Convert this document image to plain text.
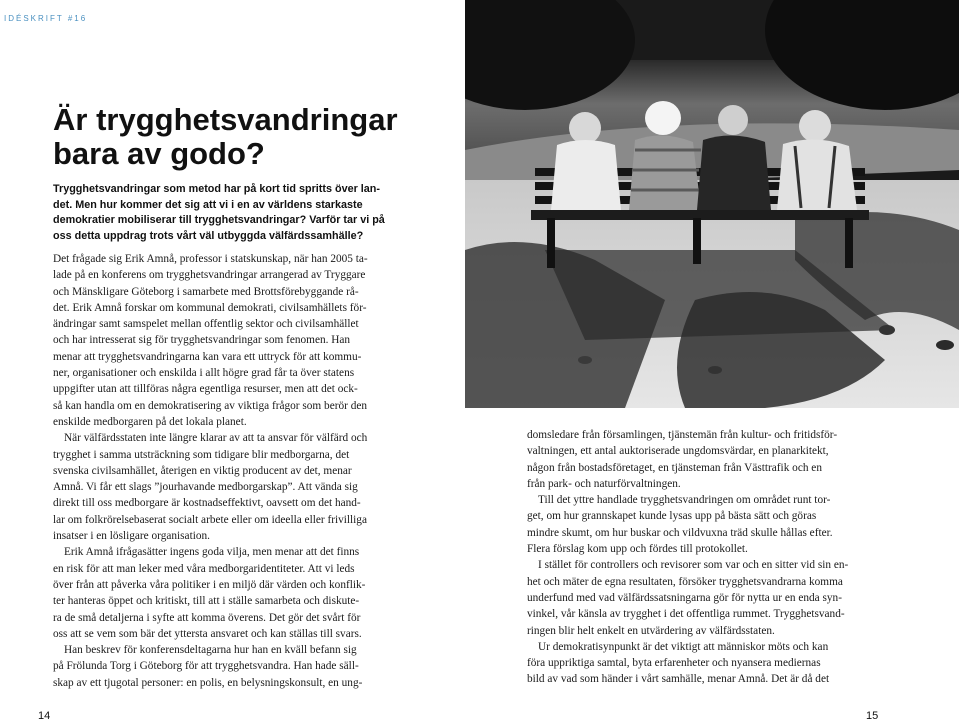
IDÉSKRIFT #16
Är trygghetsvandringar
bara av godo?
Trygghetsvandringar som metod har på kort tid spritts över lan-
det. Men hur kommer det sig att vi i en av världens starkaste
demokratier mobiliserar till trygghetsvandringar? Varför tar vi på
oss detta uppdrag trots vårt väl utbyggda välfärdssamhälle?
Det frågade sig Erik Amnå, professor i statskunskap, när han 2005 ta-
lade på en konferens om trygghetsvandringar arrangerad av Tryggare
och Mänskligare Göteborg i samarbete med Brottsförebyggande rå-
det. Erik Amnå forskar om kommunal demokrati, civilsamhällets för-
ändringar samt samspelet mellan offentlig sektor och civilsamhället
och har intresserat sig för trygghetsvandringar som fenomen. Han
menar att trygghetsvandringarna kan vara ett uttryck för att kommu-
ner, organisationer och enskilda i allt högre grad får ta över statens
uppgifter utan att tillföras några egentliga resurser, men att det ock-
så kan handla om en demokratisering av viktiga frågor som berör den
enskilde medborgaren på det lokala planet.
När välfärdsstaten inte längre klarar av att ta ansvar för välfärd och
trygghet i samma utsträckning som tidigare blir medborgarna, det
svenska civilsamhället, återigen en viktig producent av det, menar
Amnå. Vi får ett slags ”jourhavande medborgarskap”. Att vända sig
direkt till oss medborgare är kostnadseffektivt, oavsett om det hand-
lar om folkrörelsebaserat socialt arbete eller om ideella eller frivilliga
insatser i en lösligare organisation.
Erik Amnå ifrågasätter ingens goda vilja, men menar att det finns
en risk för att man leker med våra medborgaridentiteter. Att vi leds
över från att påverka våra politiker i en miljö där värden och konflik-
ter hanteras öppet och kritiskt, till att i ställe samarbeta och diskute-
ra de små detaljerna i syfte att komma överens. Det gör det svårt för
oss att se vem som bär det yttersta ansvaret och kan ställas till svars.
Han beskrev för konferensdeltagarna hur han en kväll befann sig
på Frölunda Torg i Göteborg för att trygghetsvandra. Han hade säll-
skap av ett tjugotal personer: en polis, en belysningskonsult, en ung-
domsledare från församlingen, tjänstemän från kultur- och fritidsför-
valtningen, ett antal auktoriserade ungdomsvärdar, en planarkitekt,
någon från bostadsföretaget, en tjänsteman från Västtrafik och en
från park- och naturförvaltningen.
Till det yttre handlade trygghetsvandringen om området runt tor-
get, om hur grannskapet kunde lysas upp på bästa sätt och göras
mindre skumt, om hur buskar och vildvuxna träd skulle hållas efter.
Flera förslag kom upp och fördes till protokollet.
I stället för controllers och revisorer som var och en sitter vid sin en-
het och mäter de egna resultaten, försöker trygghetsvandrarna komma
underfund med vad välfärdssatsningarna gör för nytta ur en enda syn-
vinkel, vår känsla av trygghet i det offentliga rummet. Trygghetsvand-
ringen blir helt enkelt en utvärdering av välfärdsstaten.
Ur demokratisynpunkt är det viktigt att människor möts och kan
föra uppriktiga samtal, byta erfarenheter och nyansera mediernas
bild av vad som händer i vårt samhälle, menar Amnå. Det är då det
14	15
